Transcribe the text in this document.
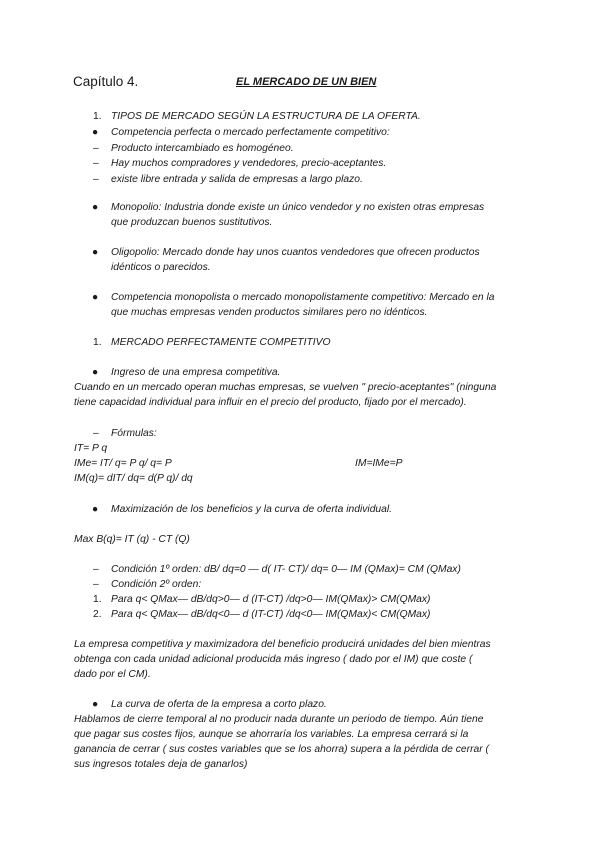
Capítulo 4.	EL MERCADO DE UN BIEN
1. TIPOS DE MERCADO SEGÚN LA ESTRUCTURA DE LA OFERTA.
● Competencia perfecta o mercado perfectamente competitivo:
– Producto intercambiado es homogéneo.
– Hay muchos compradores y vendedores, precio-aceptantes.
– existe libre entrada y salida de empresas a largo plazo.
● Monopolio: Industria donde existe un único vendedor y no existen otras empresas
que produzcan buenos sustitutivos.
● Oligopolio: Mercado donde hay unos cuantos vendedores que ofrecen productos
idénticos o parecidos.
● Competencia monopolista o mercado monopolistamente competitivo: Mercado en la
que muchas empresas venden productos similares pero no idénticos.
1. MERCADO PERFECTAMENTE COMPETITIVO
● Ingreso de una empresa competitiva.
Cuando en un mercado operan muchas empresas, se vuelven " precio-aceptantes" (ninguna
tiene capacidad individual para influir en el precio del producto, fijado por el mercado).
– Fórmulas:
IT= P q
IMe= IT/ q= P q/ q= P	IM=IMe=P
IM(q)= dIT/ dq= d(P q)/ dq
● Maximización de los beneficios y la curva de oferta individual.
Max B(q)= IT (q) - CT (Q)
– Condición 1º orden: dB/ dq=0 — d( IT- CT)/ dq= 0— IM (QMax)= CM (QMax)
– Condición 2º orden:
1. Para q< QMax— dB/dq>0— d (IT-CT) /dq>0— IM(QMax)> CM(QMax)
2. Para q< QMax— dB/dq<0— d (IT-CT) /dq<0— IM(QMax)< CM(QMax)
La empresa competitiva y maximizadora del beneficio producirá unidades del bien mientras
obtenga con cada unidad adicional producida más ingreso ( dado por el IM) que coste (
dado por el CM).
● La curva de oferta de la empresa a corto plazo.
Hablamos de cierre temporal al no producir nada durante un periodo de tiempo. Aún tiene
que pagar sus costes fijos, aunque se ahorraría los variables. La empresa cerrará si la
ganancia de cerrar ( sus costes variables que se los ahorra) supera a la pérdida de cerrar (
sus ingresos totales deja de ganarlos)
